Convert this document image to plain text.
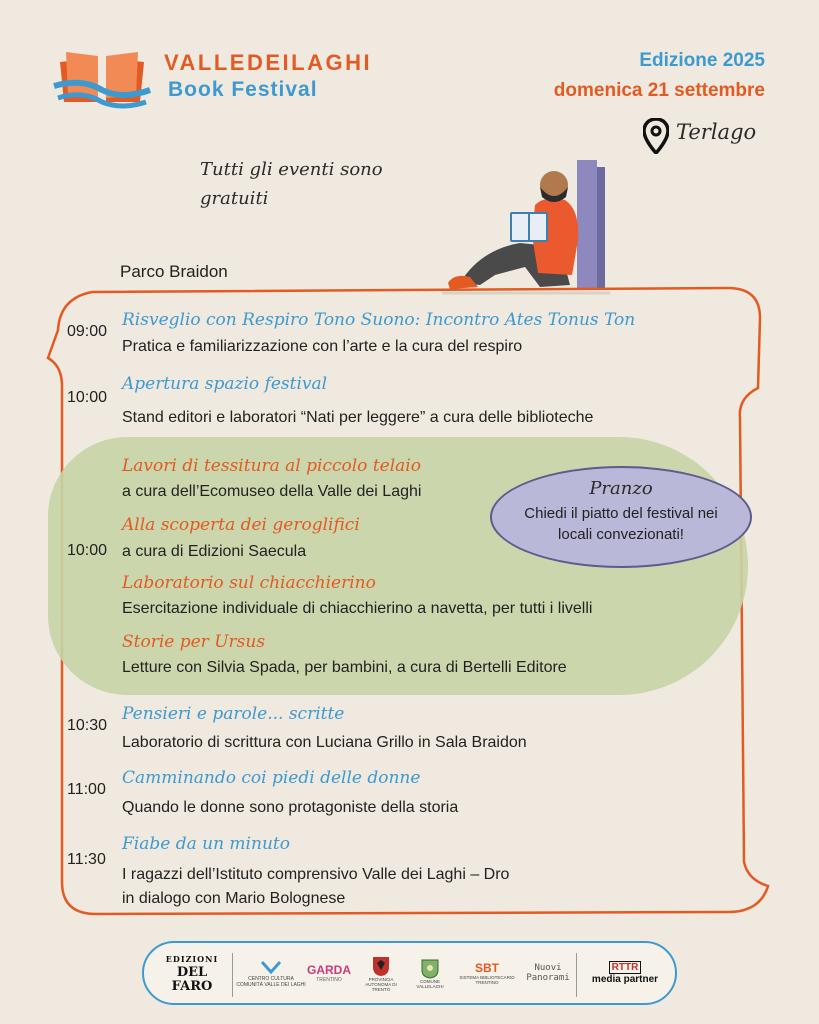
VALLEDEILAGHI
Book Festival
Edizione 2025
domenica 21 settembre
Terlago
Tutti gli eventi sono gratuiti
Parco Braidon
09:00
Risveglio con Respiro Tono Suono: Incontro Ates Tonus Ton
Pratica e familiarizzazione con l’arte e la cura del respiro
10:00
Apertura spazio festival
Stand editori e laboratori “Nati per leggere” a cura delle biblioteche
10:00
Lavori di tessitura al piccolo telaio
a cura dell’Ecomuseo della Valle dei Laghi
Alla scoperta dei geroglifici
a cura di Edizioni Saecula
Laboratorio sul chiacchierino
Esercitazione individuale di chiacchierino a navetta, per tutti i livelli
Storie per Ursus
Letture con Silvia Spada, per bambini, a cura di Bertelli Editore
Pranzo
Chiedi il piatto del festival nei locali convezionati!
10:30
Pensieri e parole... scritte
Laboratorio di scrittura con Luciana Grillo in Sala Braidon
11:00
Camminando coi piedi delle donne
Quando le donne sono protagoniste della storia
11:30
Fiabe da un minuto
I ragazzi dell’Istituto comprensivo Valle dei Laghi – Dro
in dialogo con Mario Bolognese
EDIZIONI
DEL FARO	CENTRO CULTURA COMUNITÀ VALLE DEI LAGHI
GARDA
TRENTINO	PROVINCIA AUTONOMA DI TRENTO
COMUNE VALLELAGHI
SBT
SISTEMA BIBLIOTECARIO TRENTINO
Nuovi Panorami
RTTR
media partner
